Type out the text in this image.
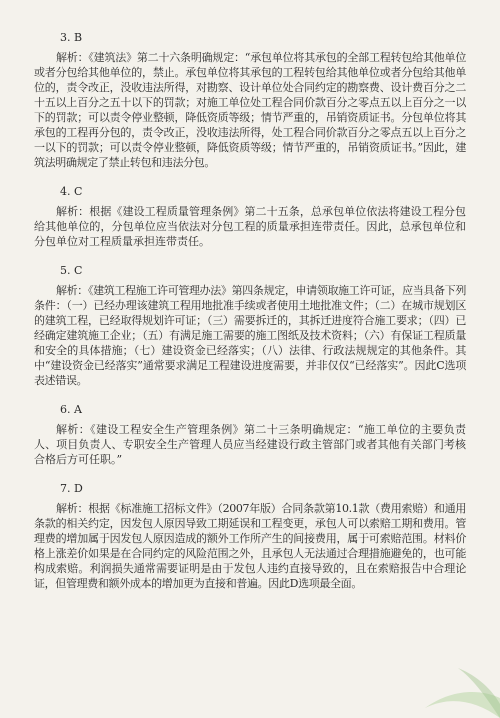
3. B

解析：《建筑法》第二十六条明确规定：“承包单位将其承包的全部工程转包给其他单位或者分包给其他单位的，禁止。承包单位将其承包的工程转包给其他单位或者分包给其他单位的，责令改正，没收违法所得，对勘察、设计单位处合同约定的勘察费、设计费百分之二十五以上百分之五十以下的罚款；对施工单位处工程合同价款百分之零点五以上百分之一以下的罚款；可以责令停业整顿，降低资质等级；情节严重的，吊销资质证书。分包单位将其承包的工程再分包的，责令改正，没收违法所得，处工程合同价款百分之零点五以上百分之一以下的罚款；可以责令停业整顿，降低资质等级；情节严重的，吊销资质证书。”因此，建筑法明确规定了禁止转包和违法分包。

4. C

解析：根据《建设工程质量管理条例》第二十五条，总承包单位依法将建设工程分包给其他单位的，分包单位应当依法对分包工程的质量承担连带责任。因此，总承包单位和分包单位对工程质量承担连带责任。

5. C

解析：《建筑工程施工许可管理办法》第四条规定，申请领取施工许可证，应当具备下列条件：（一）已经办理该建筑工程用地批准手续或者使用土地批准文件；（二）在城市规划区的建筑工程，已经取得规划许可证；（三）需要拆迁的，其拆迁进度符合施工要求；（四）已经确定建筑施工企业；（五）有满足施工需要的施工图纸及技术资料；（六）有保证工程质量和安全的具体措施；（七）建设资金已经落实；（八）法律、行政法规规定的其他条件。其中“建设资金已经落实”通常要求满足工程建设进度需要，并非仅仅“已经落实”。因此C选项表述错误。

6. A

解析：《建设工程安全生产管理条例》第二十三条明确规定：“施工单位的主要负责人、项目负责人、专职安全生产管理人员应当经建设行政主管部门或者其他有关部门考核合格后方可任职。”

7. D

解析：根据《标准施工招标文件》（2007年版）合同条款第10.1款（费用索赔）和通用条款的相关约定，因发包人原因导致工期延误和工程变更，承包人可以索赔工期和费用。管理费的增加属于因发包人原因造成的额外工作所产生的间接费用，属于可索赔范围。材料价格上涨差价如果是在合同约定的风险范围之外，且承包人无法通过合理措施避免的，也可能构成索赔。利润损失通常需要证明是由于发包人违约直接导致的，且在索赔报告中合理论证，但管理费和额外成本的增加更为直接和普遍。因此D选项最全面。
